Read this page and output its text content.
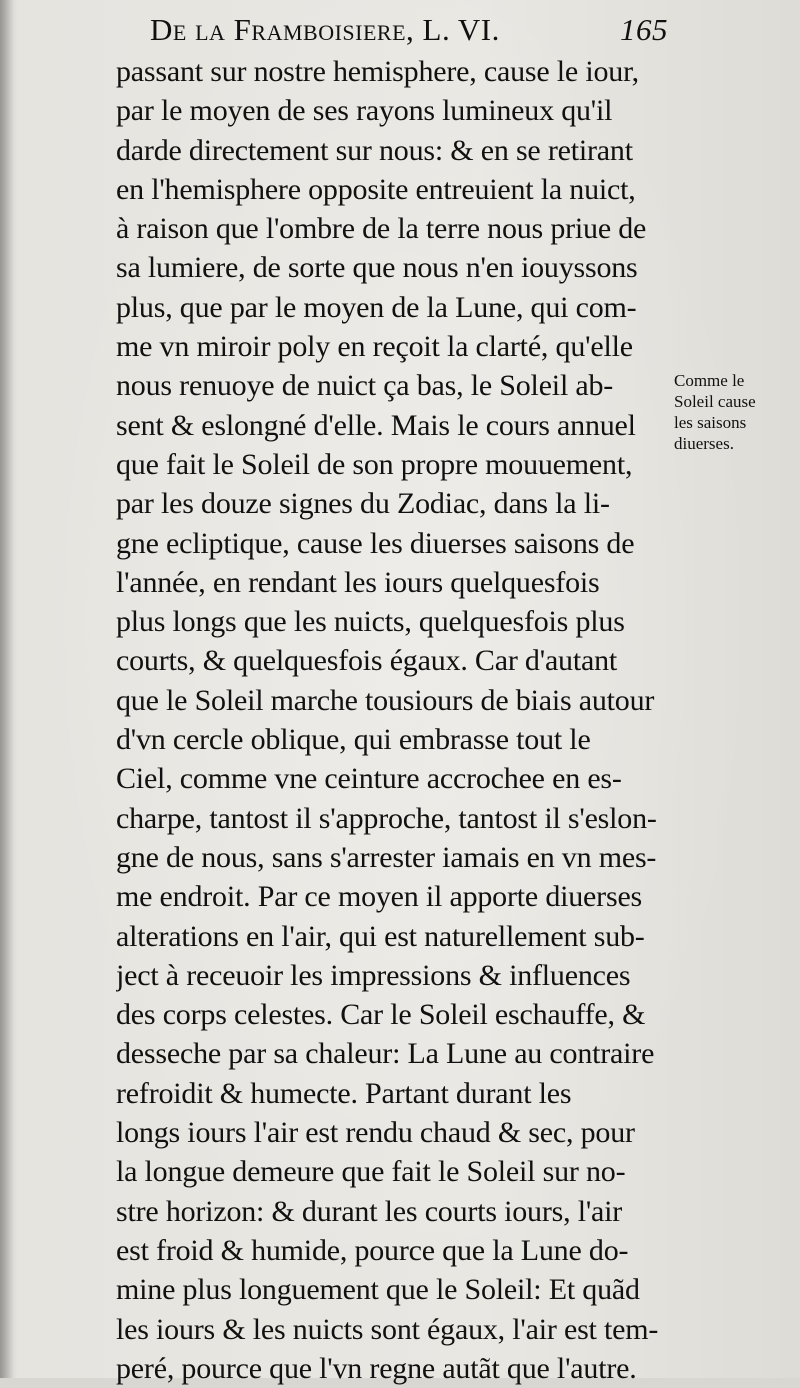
De la Framboisiere, L. VI.	165
passant sur nostre hemisphere, cause le iour,
par le moyen de ses rayons lumineux qu'il
darde directement sur nous: & en se retirant
en l'hemisphere opposite entreuient la nuict,
à raison que l'ombre de la terre nous priue de
sa lumiere, de sorte que nous n'en iouyssons
plus, que par le moyen de la Lune, qui com-
me vn miroir poly en reçoit la clarté, qu'elle
nous renuoye de nuict ça bas, le Soleil ab-
sent & eslongné d'elle. Mais le cours annuel
que fait le Soleil de son propre mouuement,
par les douze signes du Zodiac, dans la li-
gne ecliptique, cause les diuerses saisons de
l'année, en rendant les iours quelquesfois
plus longs que les nuicts, quelquesfois plus
courts, & quelquesfois égaux. Car d'autant
que le Soleil marche tousiours de biais autour
d'vn cercle oblique, qui embrasse tout le
Ciel, comme vne ceinture accrochee en es-
charpe, tantost il s'approche, tantost il s'eslon-
gne de nous, sans s'arrester iamais en vn mes-
me endroit. Par ce moyen il apporte diuerses
alterations en l'air, qui est naturellement sub-
ject à receuoir les impressions & influences
des corps celestes. Car le Soleil eschauffe, &
desseche par sa chaleur: La Lune au contraire
refroidit & humecte. Partant durant les
longs iours l'air est rendu chaud & sec, pour
la longue demeure que fait le Soleil sur no-
stre horizon: & durant les courts iours, l'air
est froid & humide, pource que la Lune do-
mine plus longuement que le Soleil: Et quãd
les iours & les nuicts sont égaux, l'air est tem-
peré, pource que l'vn regne autãt que l'autre.
Comme le
Soleil cause
les saisons
diuerses.
